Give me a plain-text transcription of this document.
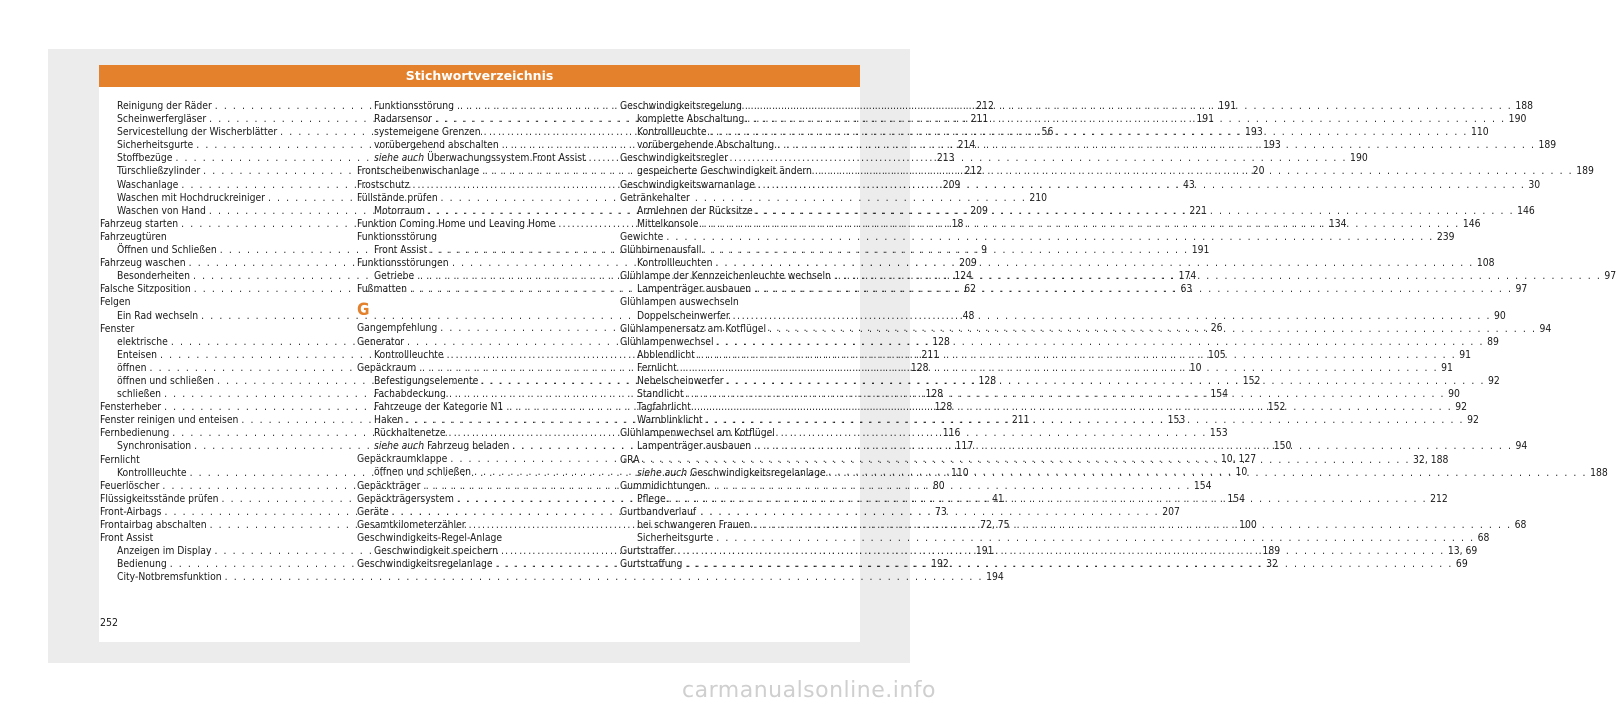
Stichwortverzeichnis
Reinigung der Räder . . .	212
Scheinwerfergläser . . .	211
Servicestellung der Wischerblätter . . .	56
Sicherheitsgurte . . .	214
Stoffbezüge . . .	213
Türschließzylinder . . .	212
Waschanlage . . .	209
Waschen mit Hochdruckreiniger . . .	210
Waschen von Hand . . .	209
Fahrzeug starten . . .	18
Fahrzeugtüren
Öffnen und Schließen . . .	9
Fahrzeug waschen . . .	209
Besonderheiten . . .	124
Falsche Sitzposition . . .	62
Felgen
Ein Rad wechseln . . .	48
Fenster
elektrische . . .	128
Enteisen . . .	211
öffnen . . .	128
öffnen und schließen . . .	128
schließen . . .	128
Fensterheber . . .	128
Fenster reinigen und enteisen . . .	211
Fernbedienung . . .	116
Synchronisation . . .	117
Fernlicht
Kontrollleuchte . . .	110
Feuerlöscher . . .	80
Flüssigkeitsstände prüfen . . .	41
Front-Airbags . . .	73
Frontairbag abschalten . . .	72, 75
Front Assist
Anzeigen im Display . . .	191
Bedienung . . .	192
City-Notbremsfunktion . . .	194
Funktionsstörung . . .	191
Radarsensor . . .	191
systemeigene Grenzen . . .	193
vorübergehend abschalten . . .	193
siehe auch Überwachungssystem Front Assist . . .	190
Frontscheibenwischanlage . . .	20
Frostschutz . . .	43
Füllstände prüfen
Motorraum . . .	221
Funktion Coming Home und Leaving Home . . .	134
Funktionsstörung
Front Assist . . .	191
Funktionsstörungen
Getriebe . . .	174
Fußmatten . . .	63
G
Gangempfehlung . . .	26
Generator
Kontrollleuchte . . .	105
Gepäckraum . . .	10
Befestigungselemente . . .	152
Fachabdeckung . . .	154
Fahrzeuge der Kategorie N1 . . .	152
Haken . . .	153
Rückhaltenetze . . .	153
siehe auch Fahrzeug beladen . . .	150
Gepäckraumklappe . . .	10, 127
öffnen und schließen . . .	10
Gepäckträger . . .	154
Gepäckträgersystem . . .	154
Geräte . . .	207
Gesamtkilometerzähler . . .	100
Geschwindigkeits-Regel-Anlage
Geschwindigkeit speichern . . .	189
Geschwindigkeitsregelanlage . . .	32
Geschwindigkeitsregelung . . .	188
komplette Abschaltung . . .	190
Kontrollleuchte . . .	110
vorübergehende Abschaltung . . .	189
Geschwindigkeitsregler
gespeicherte Geschwindigkeit ändern . . .	189
Geschwindigkeitswarnanlage . . .	30
Getränkehalter
Armlehnen der Rücksitze . . .	146
Mittelkonsole . . .	146
Gewichte . . .	239
Glühbirnenausfall
Kontrollleuchten . . .	108
Glühlampe der Kennzeichenleuchte wechseln . . .	97
Lampenträger ausbauen . . .	97
Glühlampen auswechseln
Doppelscheinwerfer . . .	90
Glühlampenersatz am Kotflügel . . .	94
Glühlampenwechsel . . .	89
Abblendlicht . . .	91
Fernlicht . . .	91
Nebelscheinwerfer . . .	92
Standlicht . . .	90
Tagfahrlicht . . .	92
Warnblinklicht . . .	92
Glühlampenwechsel am Kotflügel
Lampenträger ausbauen . . .	94
GRA . . .	32, 188
siehe auch Geschwindigkeitsregelanlage . . .	188
Gummidichtungen
Pflege . . .	212
Gurtbandverlauf
bei schwangeren Frauen . . .	68
Sicherheitsgurte . . .	68
Gurtstraffer . . .	13, 69
Gurtstraffung . . .	69
252
carmanualsonline.info
